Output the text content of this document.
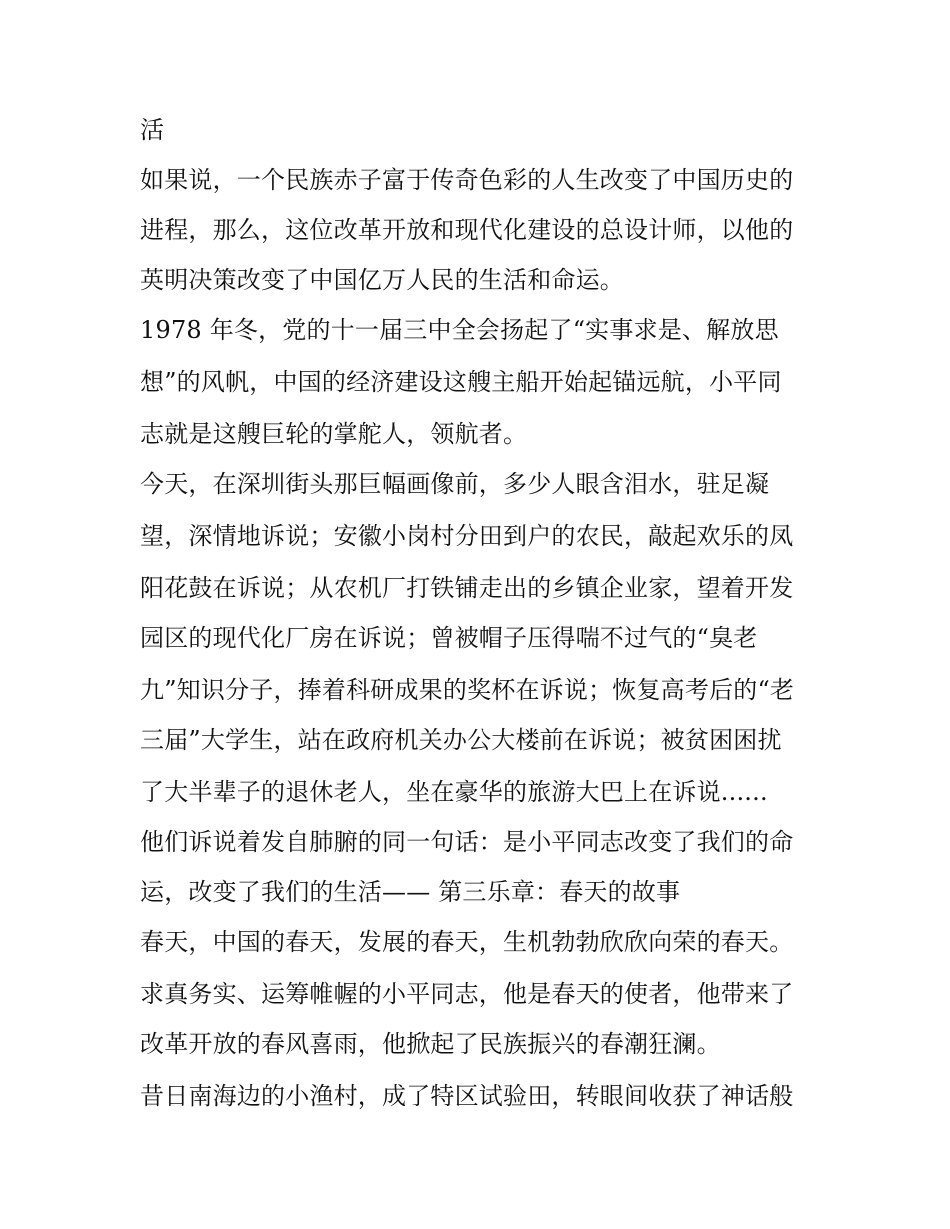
活
如果说，一个民族赤子富于传奇色彩的人生改变了中国历史的
进程，那么，这位改革开放和现代化建设的总设计师，以他的
英明决策改变了中国亿万人民的生活和命运。
1978 年冬，党的十一届三中全会扬起了“实事求是、解放思
想”的风帆，中国的经济建设这艘主船开始起锚远航，小平同
志就是这艘巨轮的掌舵人，领航者。
今天，在深圳街头那巨幅画像前，多少人眼含泪水，驻足凝
望，深情地诉说；安徽小岗村分田到户的农民，敲起欢乐的凤
阳花鼓在诉说；从农机厂打铁铺走出的乡镇企业家，望着开发
园区的现代化厂房在诉说；曾被帽子压得喘不过气的“臭老
九”知识分子，捧着科研成果的奖杯在诉说；恢复高考后的“老
三届”大学生，站在政府机关办公大楼前在诉说；被贫困困扰
了大半辈子的退休老人，坐在豪华的旅游大巴上在诉说......
他们诉说着发自肺腑的同一句话：是小平同志改变了我们的命
运，改变了我们的生活—— 第三乐章：春天的故事
春天，中国的春天，发展的春天，生机勃勃欣欣向荣的春天。
求真务实、运筹帷幄的小平同志，他是春天的使者，他带来了
改革开放的春风喜雨，他掀起了民族振兴的春潮狂澜。
昔日南海边的小渔村，成了特区试验田，转眼间收获了神话般
